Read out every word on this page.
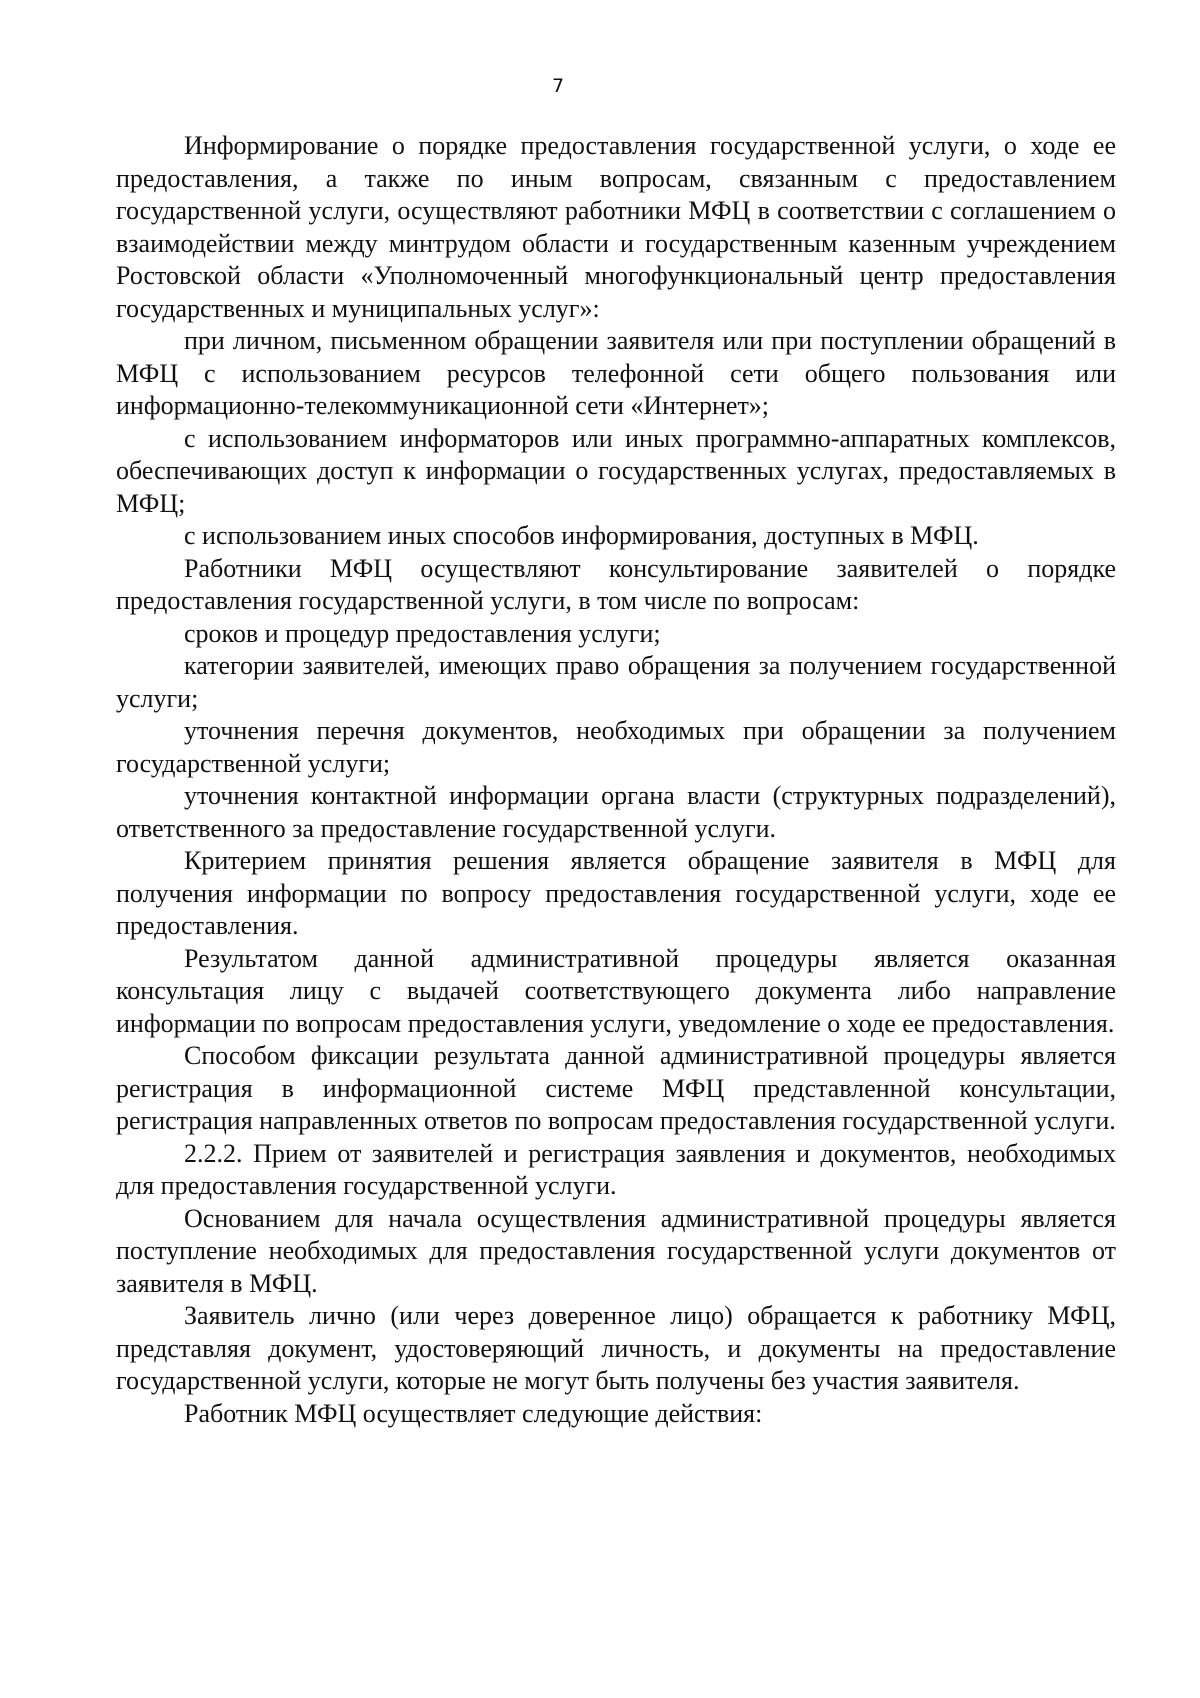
7

Информирование о порядке предоставления государственной услуги, о ходе ее предоставления, а также по иным вопросам, связанным с предоставлением государственной услуги, осуществляют работники МФЦ в соответствии с соглашением о взаимодействии между минтрудом области и государственным казенным учреждением Ростовской области «Уполномоченный многофункциональный центр предоставления государственных и муниципальных услуг»:

при личном, письменном обращении заявителя или при поступлении обращений в МФЦ с использованием ресурсов телефонной сети общего пользования или информационно-телекоммуникационной сети «Интернет»;

с использованием информаторов или иных программно-аппаратных комплексов, обеспечивающих доступ к информации о государственных услугах, предоставляемых в МФЦ;

с использованием иных способов информирования, доступных в МФЦ.

Работники МФЦ осуществляют консультирование заявителей о порядке предоставления государственной услуги, в том числе по вопросам:

сроков и процедур предоставления услуги;

категории заявителей, имеющих право обращения за получением государственной услуги;

уточнения перечня документов, необходимых при обращении за получением государственной услуги;

уточнения контактной информации органа власти (структурных подразделений), ответственного за предоставление государственной услуги.

Критерием принятия решения является обращение заявителя в МФЦ для получения информации по вопросу предоставления государственной услуги, ходе ее предоставления.

Результатом данной административной процедуры является оказанная консультация лицу с выдачей соответствующего документа либо направление информации по вопросам предоставления услуги, уведомление о ходе ее предоставления.

Способом фиксации результата данной административной процедуры является регистрация в информационной системе МФЦ представленной консультации, регистрация направленных ответов по вопросам предоставления государственной услуги.

2.2.2. Прием от заявителей и регистрация заявления и документов, необходимых для предоставления государственной услуги.

Основанием для начала осуществления административной процедуры является поступление необходимых для предоставления государственной услуги документов от заявителя в МФЦ.

Заявитель лично (или через доверенное лицо) обращается к работнику МФЦ, представляя документ, удостоверяющий личность, и документы на предоставление государственной услуги, которые не могут быть получены без участия заявителя.

Работник МФЦ осуществляет следующие действия:
